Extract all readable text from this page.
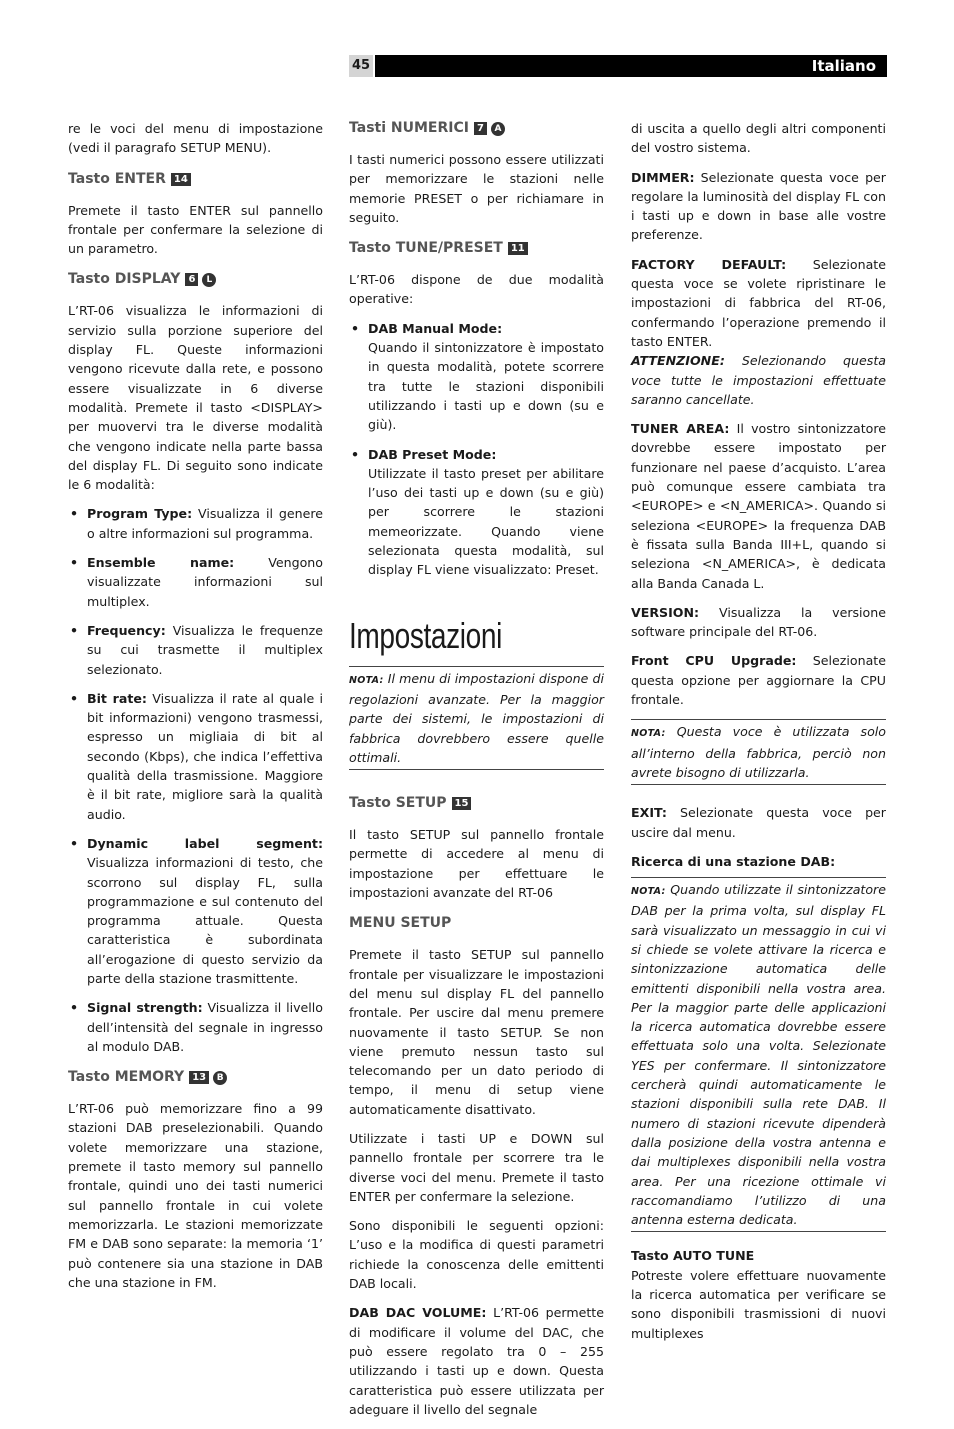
45	Italiano

re le voci del menu di impostazione (vedi il paragrafo SETUP MENU).

Tasto ENTER 14

Premete il tasto ENTER sul pannello frontale per confermare la selezione di un parametro.

Tasto DISPLAY 6 L

L’RT-06 visualizza le informazioni di servizio sulla porzione superiore del display FL. Queste informazioni vengono ricevute dalla rete, e possono essere visualizzate in 6 diverse modalità. Premete il tasto <DISPLAY> per muovervi tra le diverse modalità che vengono indicate nella parte bassa del display FL. Di seguito sono indicate le 6 modalità:

• Program Type: Visualizza il genere o altre informazioni sul programma.
• Ensemble name: Vengono visualizzate informazioni sul multiplex.
• Frequency: Visualizza le frequenze su cui trasmette il multiplex selezionato.
• Bit rate: Visualizza il rate al quale i bit informazioni) vengono trasmessi, espresso un migliaia di bit al secondo (Kbps), che indica l’effettiva qualità della trasmissione. Maggiore è il bit rate, migliore sarà la qualità audio.
• Dynamic label segment: Visualizza informazioni di testo, che scorrono sul display FL, sulla programmazione e sul contenuto del programma attuale. Questa caratteristica è subordinata all’erogazione di questo servizio da parte della stazione trasmittente.
• Signal strength: Visualizza il livello dell’intensità del segnale in ingresso al modulo DAB.
Tasto MEMORY 13 B

L’RT-06 può memorizzare fino a 99 stazioni DAB preselezionabili. Quando volete memorizzare una stazione, premete il tasto memory sul pannello frontale, quindi uno dei tasti numerici sul pannello frontale in cui volete memorizzarla. Le stazioni memorizzate FM e DAB sono separate: la memoria ‘1’ può contenere sia una stazione in DAB che una stazione in FM.

Tasti NUMERICI 7 A

I tasti numerici possono essere utilizzati per memorizzare le stazioni nelle memorie PRESET o per richiamare in seguito.

Tasto TUNE/PRESET 11

L’RT-06 dispone de due modalità operative:

• DAB Manual Mode:
Quando il sintonizzatore è impostato in questa modalità, potete scorrere tra tutte le stazioni disponibili utilizzando i tasti up e down (su e giù).
• DAB Preset Mode:
Utilizzate il tasto preset per abilitare l’uso dei tasti up e down (su e giù) per scorrere le stazioni memeorizzate. Quando viene selezionata questa modalità, sul display FL viene visualizzato: Preset.
Impostazioni
NOTA: Il menu di impostazioni dispone di regolazioni avanzate. Per la maggior parte dei sistemi, le impostazioni di fabbrica dovrebbero essere quelle ottimali.
Tasto SETUP 15

Il tasto SETUP sul pannello frontale permette di accedere al menu di impostazione per effettuare le impostazioni avanzate del RT-06

MENU SETUP

Premete il tasto SETUP sul pannello frontale per visualizzare le impostazioni del menu sul display FL del pannello frontale. Per uscire dal menu premere nuovamente il tasto SETUP. Se non viene premuto nessun tasto sul telecomando per un dato periodo di tempo, il menu di setup viene automaticamente disattivato.

Utilizzate i tasti UP e DOWN sul pannello frontale per scorrere tra le diverse voci del menu. Premete il tasto ENTER per confermare la selezione.

Sono disponibili le seguenti opzioni: L’uso e la modifica di questi parametri richiede la conoscenza delle emittenti DAB locali.

DAB DAC VOLUME: L’RT-06 permette di modificare il volume del DAC, che può essere regolato tra 0 – 255 utilizzando i tasti up e down. Questa caratteristica può essere utilizzata per adeguare il livello del segnale

di uscita a quello degli altri componenti del vostro sistema.

DIMMER: Selezionate questa voce per regolare la luminosità del display FL con i tasti up e down in base alle vostre preferenze.

FACTORY DEFAULT: Selezionate questa voce se volete ripristinare le impostazioni di fabbrica del RT-06, confermando l’operazione premendo il tasto ENTER.

ATTENZIONE: Selezionando questa voce tutte le impostazioni effettuate saranno cancellate.

TUNER AREA: Il vostro sintonizzatore dovrebbe essere impostato per funzionare nel paese d’acquisto. L’area può comunque essere cambiata tra <EUROPE> e <N_AMERICA>. Quando si seleziona <EUROPE> la frequenza DAB è fissata sulla Banda III+L, quando si seleziona <N_AMERICA>, è dedicata alla Banda Canada L.

VERSION: Visualizza la versione software principale del RT-06.

Front CPU Upgrade: Selezionate questa opzione per aggiornare la CPU frontale.

NOTA: Questa voce è utilizzata solo all’interno della fabbrica, perciò non avrete bisogno di utilizzarla.

EXIT: Selezionate questa voce per uscire dal menu.

Ricerca di una stazione DAB:

NOTA: Quando utilizzate il sintonizzatore DAB per la prima volta, sul display FL sarà visualizzato un messaggio in cui vi si chiede se volete attivare la ricerca e sintonizzazione automatica delle emittenti disponibili nella vostra area. Per la maggior parte delle applicazioni la ricerca automatica dovrebbe essere effettuata solo una volta. Selezionate YES per confermare. Il sintonizzatore cercherà quindi automaticamente le stazioni disponibili sulla rete DAB. Il numero di stazioni ricevute dipenderà dalla posizione della vostra antenna e dai multiplexes disponibili nella vostra area. Per una ricezione ottimale vi raccomandiamo l’utilizzo di una antenna esterna dedicata.

Tasto AUTO TUNE

Potreste volere effettuare nuovamente la ricerca automatica per verificare se sono disponibili trasmissioni di nuovi multiplexes
